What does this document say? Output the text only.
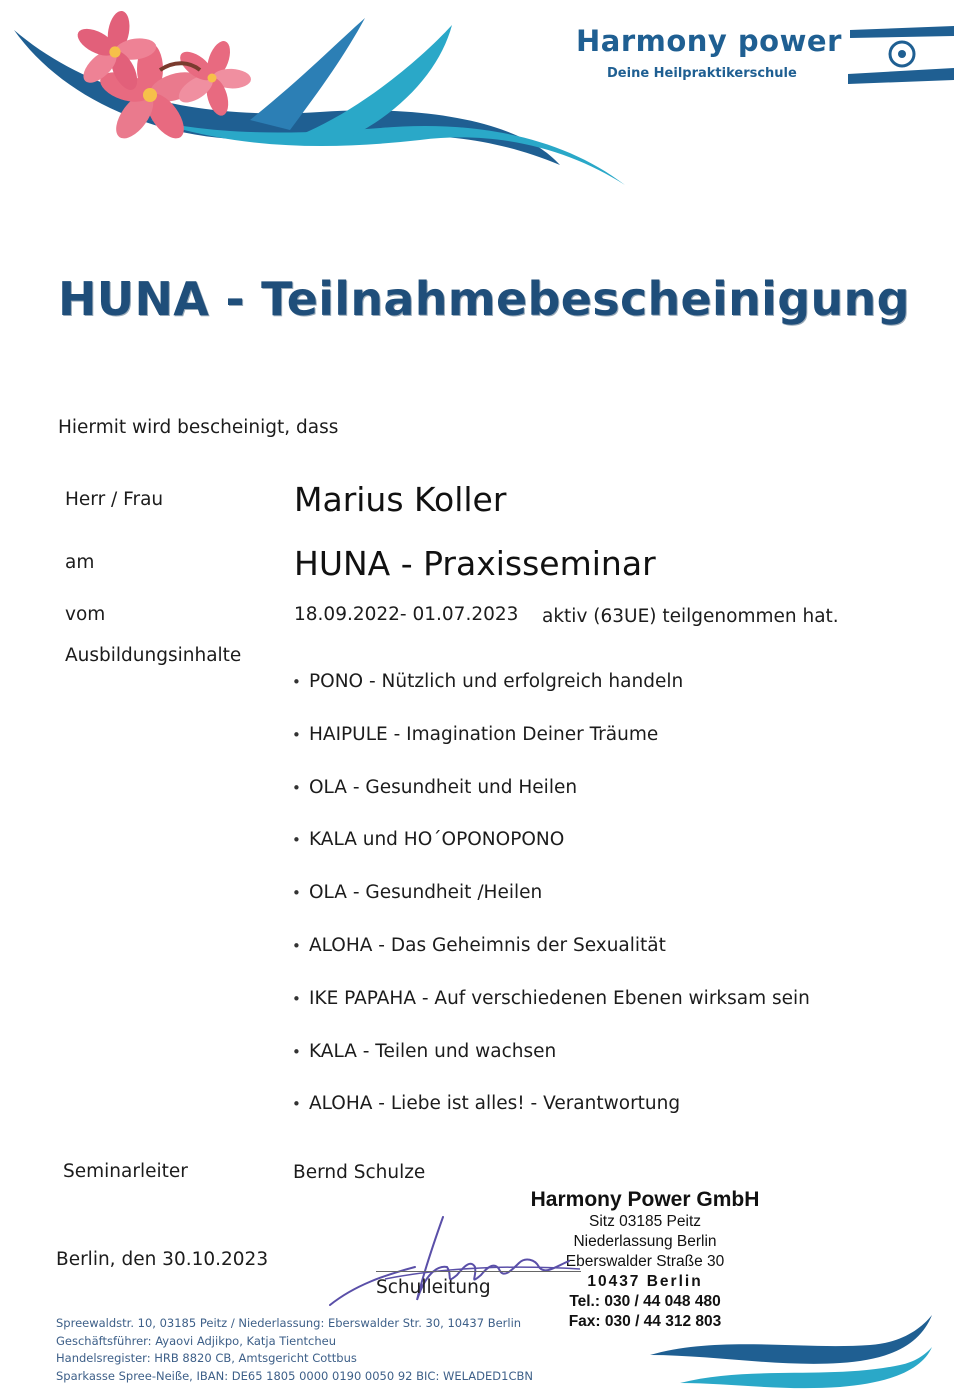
Harmony power
Deine Heilpraktikerschule
HUNA - Teilnahmebescheinigung
Hiermit wird bescheinigt, dass
Herr / Frau	Marius Koller
am	HUNA - Praxisseminar
vom	18.09.2022- 01.07.2023 aktiv (63UE) teilgenommen hat.
Ausbildungsinhalte
• PONO - Nützlich und erfolgreich handeln
• HAIPULE - Imagination Deiner Träume
• OLA - Gesundheit und Heilen
• KALA und HO´OPONOPONO
• OLA - Gesundheit /Heilen
• ALOHA - Das Geheimnis der Sexualität
• IKE PAPAHA - Auf verschiedenen Ebenen wirksam sein
• KALA - Teilen und wachsen
• ALOHA - Liebe ist alles! - Verantwortung
Seminarleiter	Bernd Schulze
Harmony Power GmbH
Sitz 03185 Peitz
Niederlassung Berlin
Eberswalder Straße 30
10437 Berlin
Tel.: 030 / 44 048 480
Fax: 030 / 44 312 803
Berlin, den 30.10.2023
Schulleitung
Spreewaldstr. 10, 03185 Peitz / Niederlassung: Eberswalder Str. 30, 10437 Berlin
Geschäftsführer: Ayaovi Adjikpo, Katja Tientcheu
Handelsregister: HRB 8820 CB, Amtsgericht Cottbus
Sparkasse Spree-Neiße, IBAN: DE65 1805 0000 0190 0050 92 BIC: WELADED1CBN
